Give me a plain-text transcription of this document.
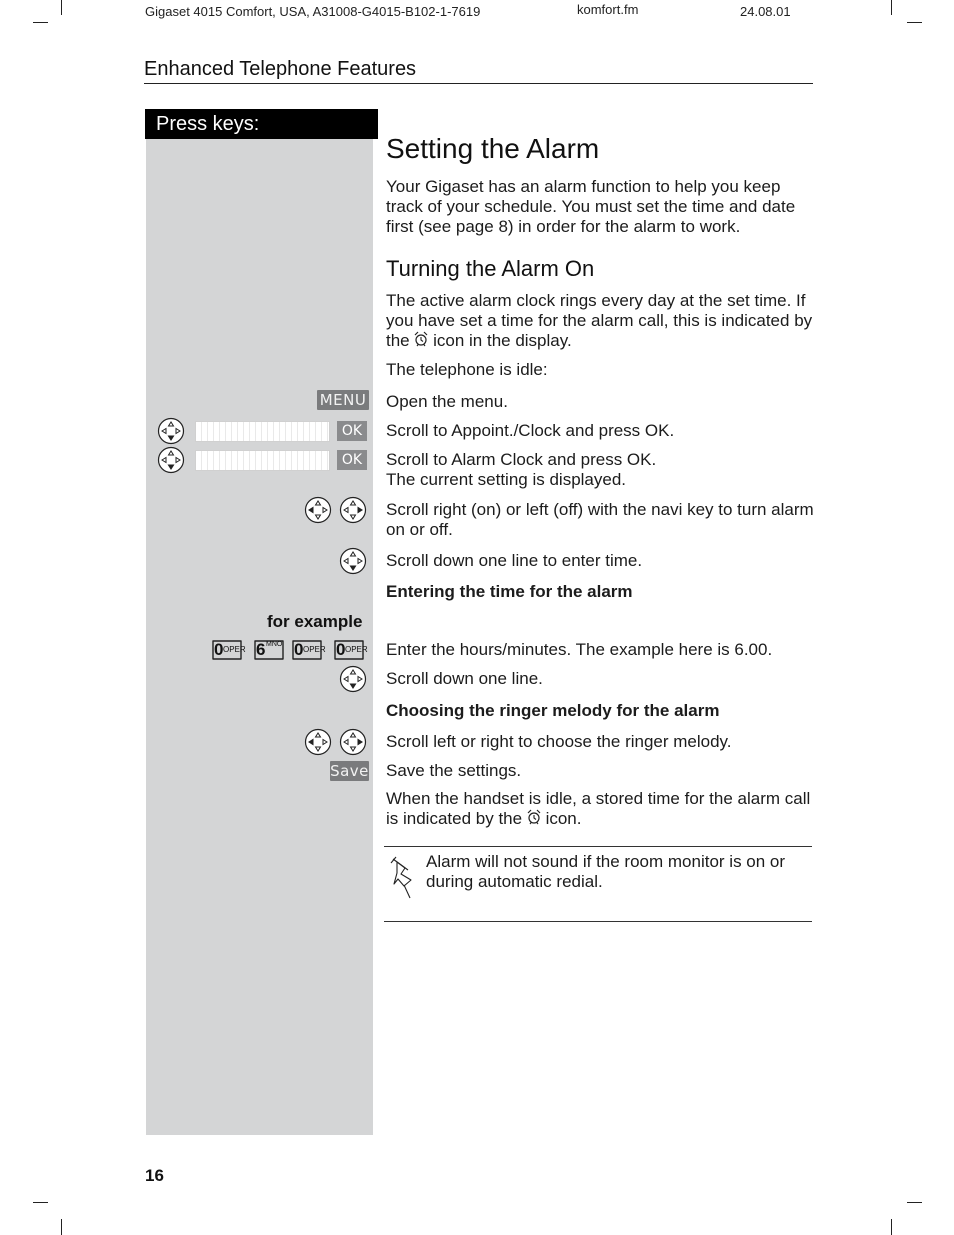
Gigaset 4015 Comfort, USA, A31008-G4015-B102-1-7619	komfort.fm	24.08.01
Enhanced Telephone Features
Press keys:
Setting the Alarm
Your Gigaset has an alarm function to help you keep track of your schedule. You must set the time and date first (see page 8) in order for the alarm to work.
Turning the Alarm On
The active alarm clock rings every day at the set time. If you have set a time for the alarm call, this is indicated by the icon in the display.
The telephone is idle:
MENU Open the menu.
OK Scroll to Appoint./Clock and press OK.
OK Scroll to Alarm Clock and press OK.
The current setting is displayed.
Scroll right (on) or left (off) with the navi key to turn alarm on or off.
Scroll down one line to enter time.
Entering the time for the alarm
for example
0 OPER 6 MNO 0 OPER 0 OPER Enter the hours/minutes. The example here is 6.00.
Scroll down one line.
Choosing the ringer melody for the alarm
Scroll left or right to choose the ringer melody.
Save Save the settings.
When the handset is idle, a stored time for the alarm call is indicated by the icon.
Alarm will not sound if the room monitor is on or during automatic redial.
16
